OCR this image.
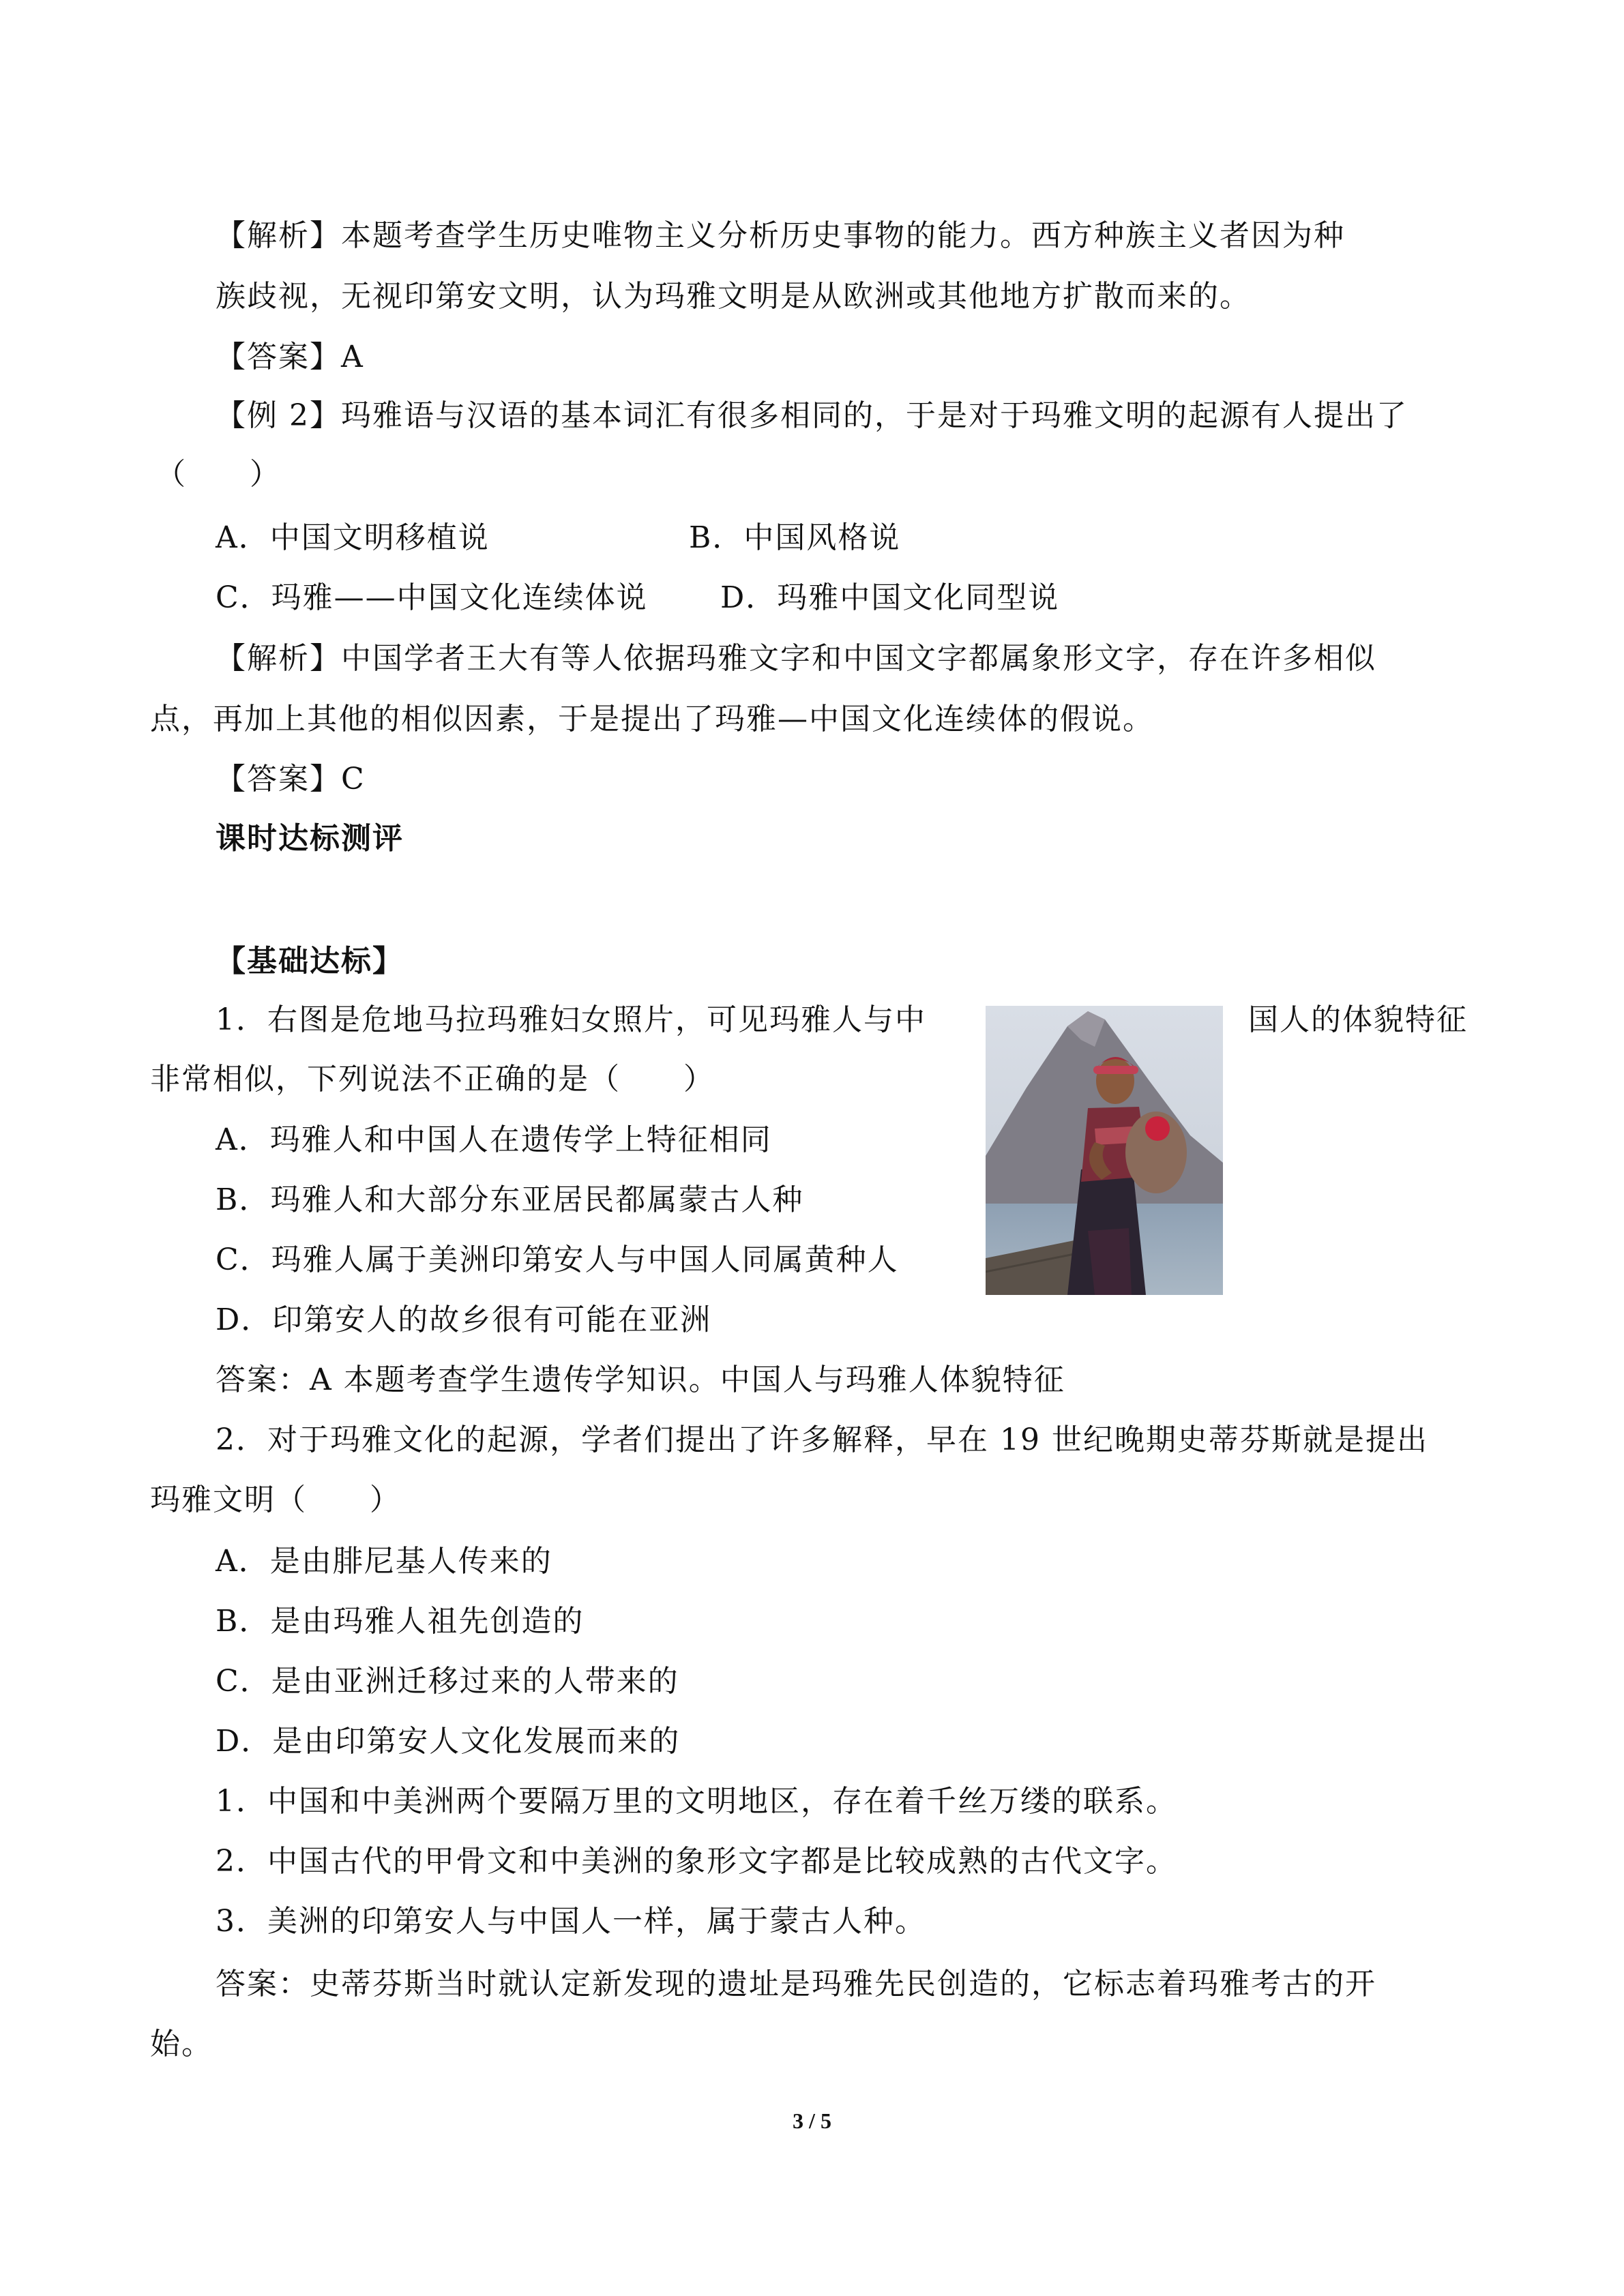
【解析】本题考查学生历史唯物主义分析历史事物的能力。西方种族主义者因为种
族歧视，无视印第安文明，认为玛雅文明是从欧洲或其他地方扩散而来的。
【答案】A
【例 2】玛雅语与汉语的基本词汇有很多相同的，于是对于玛雅文明的起源有人提出了
（　　）
A．中国文明移植说	B．中国风格说
C．玛雅——中国文化连续体说 D．玛雅中国文化同型说
【解析】中国学者王大有等人依据玛雅文字和中国文字都属象形文字，存在许多相似
点，再加上其他的相似因素，于是提出了玛雅—中国文化连续体的假说。
【答案】C
课时达标测评
【基础达标】
1．右图是危地马拉玛雅妇女照片，可见玛雅人与中	国人的体貌特征
非常相似，下列说法不正确的是（　　）
A．玛雅人和中国人在遗传学上特征相同
B．玛雅人和大部分东亚居民都属蒙古人种
C．玛雅人属于美洲印第安人与中国人同属黄种人
D．印第安人的故乡很有可能在亚洲
答案：A 本题考查学生遗传学知识。中国人与玛雅人体貌特征
2．对于玛雅文化的起源，学者们提出了许多解释，早在 19 世纪晚期史蒂芬斯就是提出
玛雅文明（　　）
A．是由腓尼基人传来的
B．是由玛雅人祖先创造的
C．是由亚洲迁移过来的人带来的
D．是由印第安人文化发展而来的
1．中国和中美洲两个要隔万里的文明地区，存在着千丝万缕的联系。
2．中国古代的甲骨文和中美洲的象形文字都是比较成熟的古代文字。
3．美洲的印第安人与中国人一样，属于蒙古人种。
答案：史蒂芬斯当时就认定新发现的遗址是玛雅先民创造的，它标志着玛雅考古的开
始。
3 / 5
